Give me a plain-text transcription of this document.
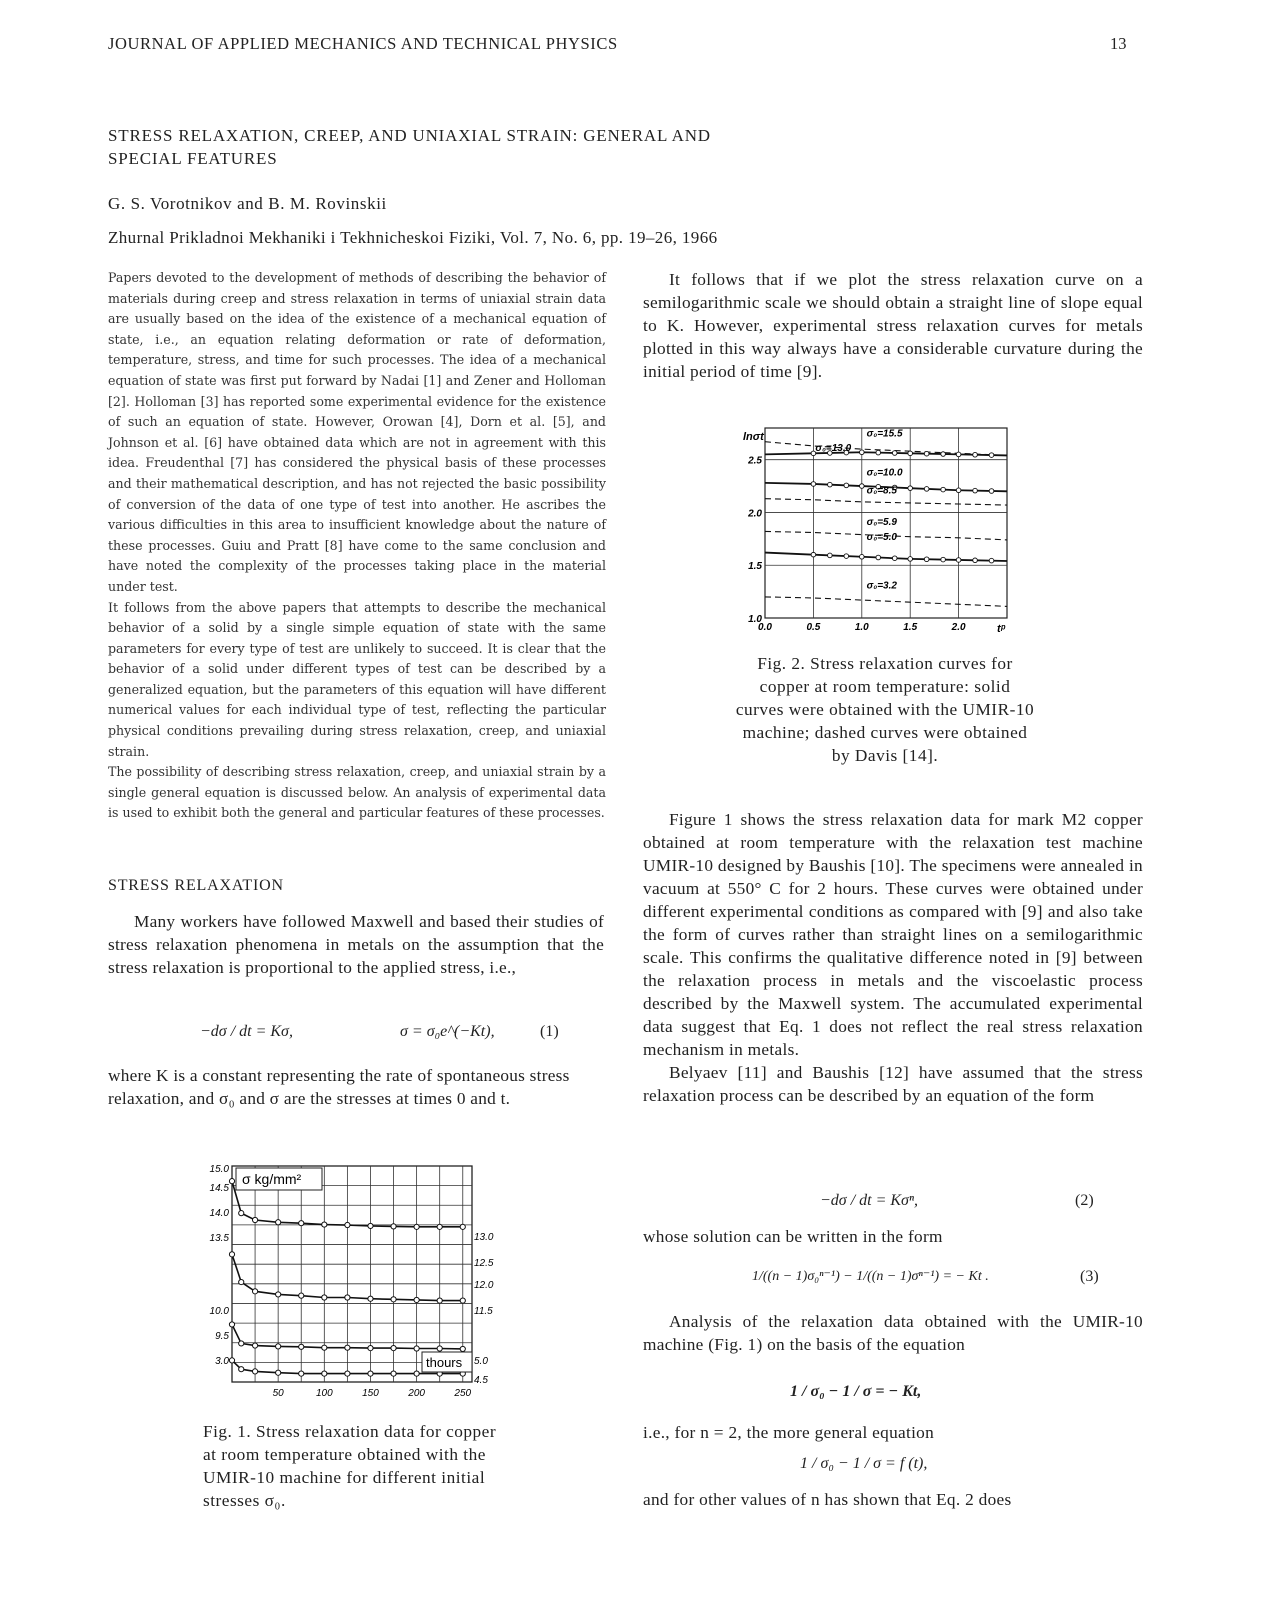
JOURNAL OF APPLIED MECHANICS AND TECHNICAL PHYSICS	13
STRESS RELAXATION, CREEP, AND UNIAXIAL STRAIN: GENERAL AND
SPECIAL FEATURES
G. S. Vorotnikov and B. M. Rovinskii
Zhurnal Prikladnoi Mekhaniki i Tekhnicheskoi Fiziki, Vol. 7, No. 6, pp. 19–26, 1966

Papers devoted to the development of methods of describing the behavior of materials during creep and stress relaxation in terms of uniaxial strain data are usually based on the idea of the existence of a mechanical equation of state, i.e., an equation relating deformation or rate of deformation, temperature, stress, and time for such processes. The idea of a mechanical equation of state was first put forward by Nadai [1] and Zener and Holloman [2]. Holloman [3] has reported some experimental evidence for the existence of such an equation of state. However, Orowan [4], Dorn et al. [5], and Johnson et al. [6] have obtained data which are not in agreement with this idea. Freudenthal [7] has considered the physical basis of these processes and their mathematical description, and has not rejected the basic possibility of conversion of the data of one type of test into another. He ascribes the various difficulties in this area to insufficient knowledge about the nature of these processes. Guiu and Pratt [8] have come to the same conclusion and have noted the complexity of the processes taking place in the material under test.

It follows from the above papers that attempts to describe the mechanical behavior of a solid by a single simple equation of state with the same parameters for every type of test are unlikely to succeed. It is clear that the behavior of a solid under different types of test can be described by a generalized equation, but the parameters of this equation will have different numerical values for each individual type of test, reflecting the particular physical conditions prevailing during stress relaxation, creep, and uniaxial strain.

The possibility of describing stress relaxation, creep, and uniaxial strain by a single general equation is discussed below. An analysis of experimental data is used to exhibit both the general and particular features of these processes.

STRESS RELAXATION

Many workers have followed Maxwell and based their studies of stress relaxation phenomena in metals on the assumption that the stress relaxation is proportional to the applied stress, i.e.,

−dσ / dt = Kσ,	σ = σ₀e^(−Kt),	(1)
where K is a constant representing the rate of spontaneous stress relaxation, and σ₀ and σ are the stresses at times 0 and t.
15.0
14.5
14.0
13.5
10.0
9.5
3.0
13.0
12.5
12.0
11.5
5.0
4.5
50	100	150	200	250
σ kg/mm²
thours
Fig. 1. Stress relaxation data for copper at room temperature obtained with the UMIR-10 machine for different initial stresses σ₀.

It follows that if we plot the stress relaxation curve on a semilogarithmic scale we should obtain a straight line of slope equal to K. However, experimental stress relaxation curves for metals plotted in this way always have a considerable curvature during the initial period of time [9].

σ₀=15.5
σ₀=13.0
σ₀=10.0
σ₀=8.5
σ₀=5.9
σ₀=5.0
σ₀=3.2
1.0
1.5
2.0
2.5
0.0	0.5	1.0	1.5	2.0
lnσt
tᵖ
Fig. 2. Stress relaxation curves for copper at room temperature: solid curves were obtained with the UMIR-10 machine; dashed curves were obtained by Davis [14].

Figure 1 shows the stress relaxation data for mark M2 copper obtained at room temperature with the relaxation test machine UMIR-10 designed by Baushis [10]. The specimens were annealed in vacuum at 550° C for 2 hours. These curves were obtained under different experimental conditions as compared with [9] and also take the form of curves rather than straight lines on a semilogarithmic scale. This confirms the qualitative difference noted in [9] between the relaxation process in metals and the viscoelastic process described by the Maxwell system. The accumulated experimental data suggest that Eq. 1 does not reflect the real stress relaxation mechanism in metals.

Belyaev [11] and Baushis [12] have assumed that the stress relaxation process can be described by an equation of the form

−dσ / dt = Kσⁿ,	(2)
whose solution can be written in the form
1/((n − 1)σ₀ⁿ⁻¹) − 1/((n − 1)σⁿ⁻¹) = − Kt .	(3)

Analysis of the relaxation data obtained with the UMIR-10 machine (Fig. 1) on the basis of the equation

1 / σ₀ − 1 / σ = − Kt,
i.e., for n = 2, the more general equation
1 / σ₀ − 1 / σ = f (t),
and for other values of n has shown that Eq. 2 does
